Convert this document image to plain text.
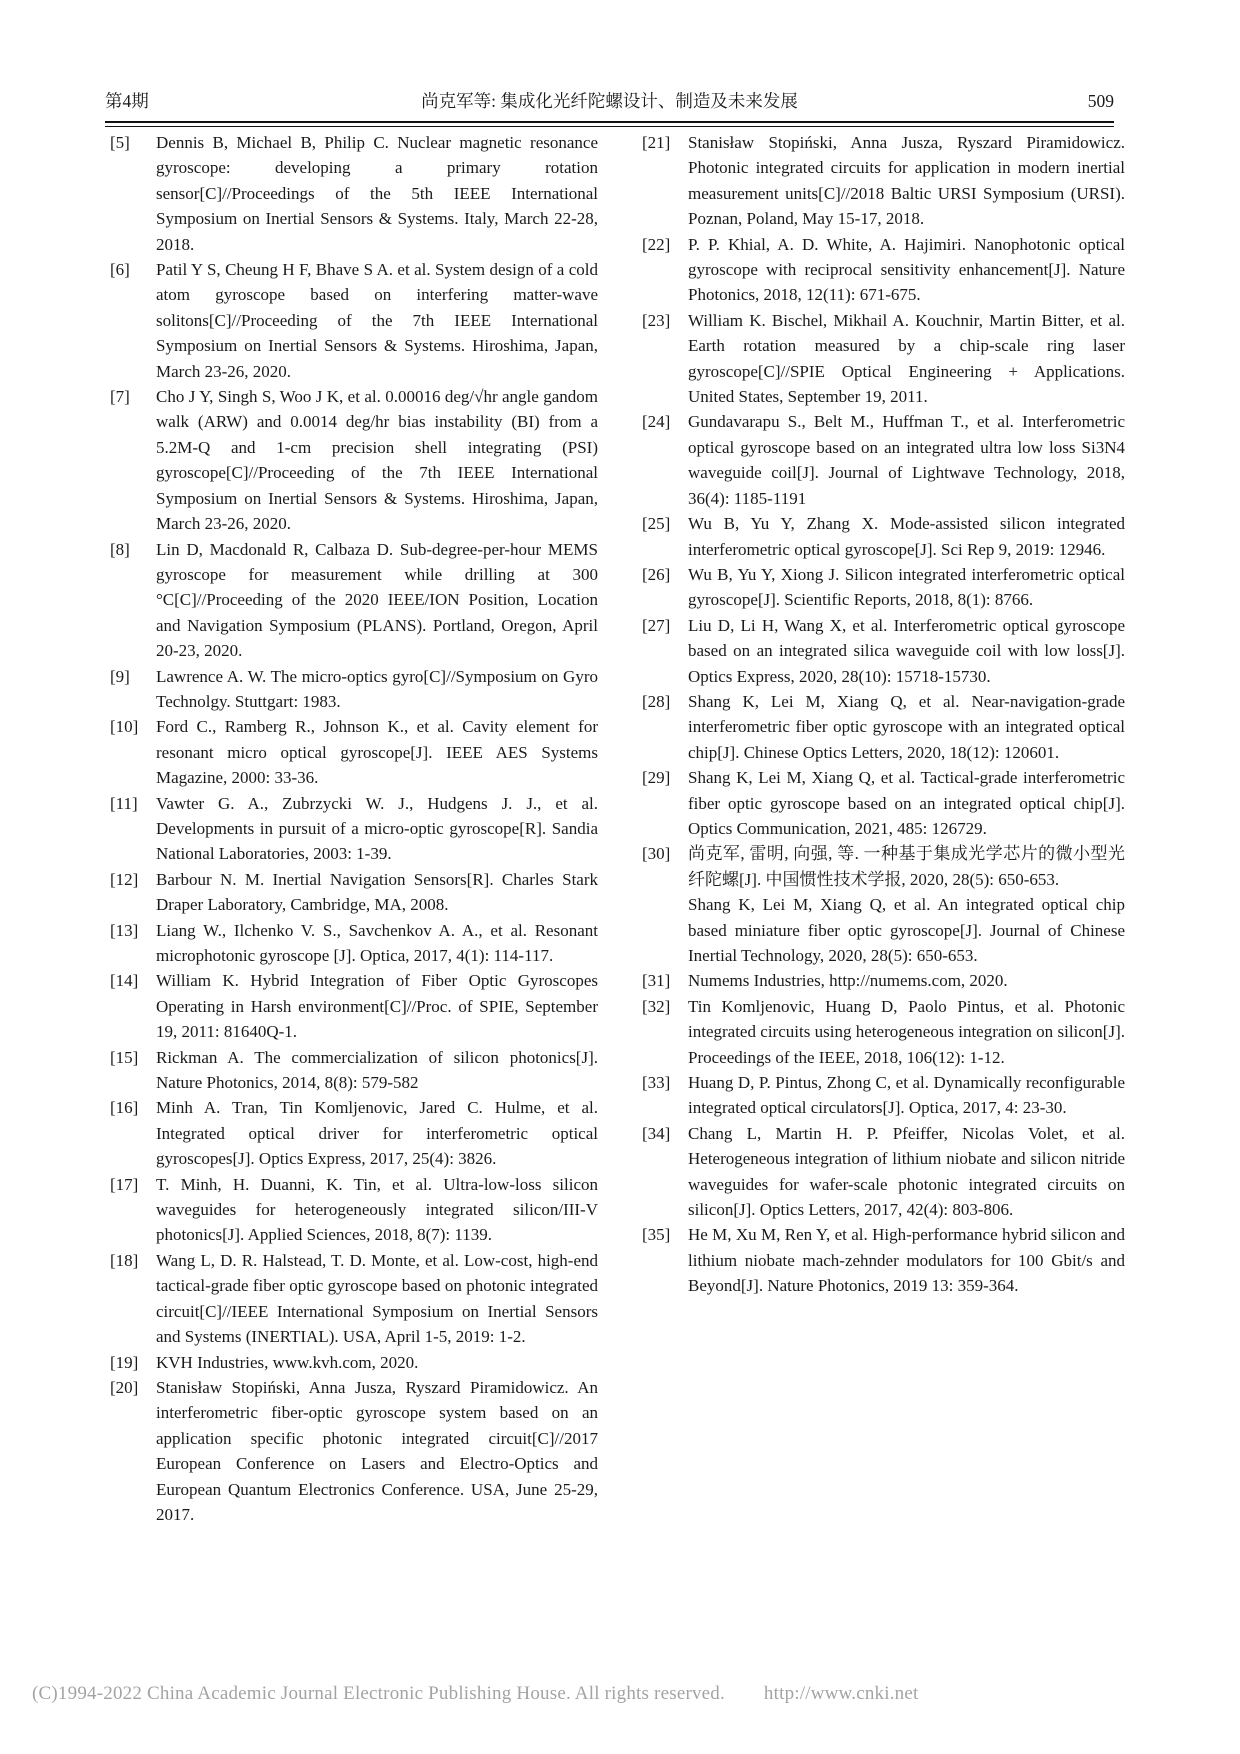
第4期	尚克军等: 集成化光纤陀螺设计、制造及未来发展	509
[5] Dennis B, Michael B, Philip C. Nuclear magnetic resonance gyroscope: developing a primary rotation sensor[C]//Proceedings of the 5th IEEE International Symposium on Inertial Sensors & Systems. Italy, March 22-28, 2018.
[6] Patil Y S, Cheung H F, Bhave S A. et al. System design of a cold atom gyroscope based on interfering matter-wave solitons[C]//Proceeding of the 7th IEEE International Symposium on Inertial Sensors & Systems. Hiroshima, Japan, March 23-26, 2020.
[7] Cho J Y, Singh S, Woo J K, et al. 0.00016 deg/√hr angle gandom walk (ARW) and 0.0014 deg/hr bias instability (BI) from a 5.2M-Q and 1-cm precision shell integrating (PSI) gyroscope[C]//Proceeding of the 7th IEEE International Symposium on Inertial Sensors & Systems. Hiroshima, Japan, March 23-26, 2020.
[8] Lin D, Macdonald R, Calbaza D. Sub-degree-per-hour MEMS gyroscope for measurement while drilling at 300 °C[C]//Proceeding of the 2020 IEEE/ION Position, Location and Navigation Symposium (PLANS). Portland, Oregon, April 20-23, 2020.
[9] Lawrence A. W. The micro-optics gyro[C]//Symposium on Gyro Technolgy. Stuttgart: 1983.
[10] Ford C., Ramberg R., Johnson K., et al. Cavity element for resonant micro optical gyroscope[J]. IEEE AES Systems Magazine, 2000: 33-36.
[11] Vawter G. A., Zubrzycki W. J., Hudgens J. J., et al. Developments in pursuit of a micro-optic gyroscope[R]. Sandia National Laboratories, 2003: 1-39.
[12] Barbour N. M. Inertial Navigation Sensors[R]. Charles Stark Draper Laboratory, Cambridge, MA, 2008.
[13] Liang W., Ilchenko V. S., Savchenkov A. A., et al. Resonant microphotonic gyroscope [J]. Optica, 2017, 4(1): 114-117.
[14] William K. Hybrid Integration of Fiber Optic Gyroscopes Operating in Harsh environment[C]//Proc. of SPIE, September 19, 2011: 81640Q-1.
[15] Rickman A. The commercialization of silicon photonics[J]. Nature Photonics, 2014, 8(8): 579-582
[16] Minh A. Tran, Tin Komljenovic, Jared C. Hulme, et al. Integrated optical driver for interferometric optical gyroscopes[J]. Optics Express, 2017, 25(4): 3826.
[17] T. Minh, H. Duanni, K. Tin, et al. Ultra-low-loss silicon waveguides for heterogeneously integrated silicon/III-V photonics[J]. Applied Sciences, 2018, 8(7): 1139.
[18] Wang L, D. R. Halstead, T. D. Monte, et al. Low-cost, high-end tactical-grade fiber optic gyroscope based on photonic integrated circuit[C]//IEEE International Symposium on Inertial Sensors and Systems (INERTIAL). USA, April 1-5, 2019: 1-2.
[19] KVH Industries, www.kvh.com, 2020.
[20] Stanisław Stopiński, Anna Jusza, Ryszard Piramidowicz. An interferometric fiber-optic gyroscope system based on an application specific photonic integrated circuit[C]//2017 European Conference on Lasers and Electro-Optics and European Quantum Electronics Conference. USA, June 25-29, 2017.
[21] Stanisław Stopiński, Anna Jusza, Ryszard Piramidowicz. Photonic integrated circuits for application in modern inertial measurement units[C]//2018 Baltic URSI Symposium (URSI). Poznan, Poland, May 15-17, 2018.
[22] P. P. Khial, A. D. White, A. Hajimiri. Nanophotonic optical gyroscope with reciprocal sensitivity enhancement[J]. Nature Photonics, 2018, 12(11): 671-675.
[23] William K. Bischel, Mikhail A. Kouchnir, Martin Bitter, et al. Earth rotation measured by a chip-scale ring laser gyroscope[C]//SPIE Optical Engineering + Applications. United States, September 19, 2011.
[24] Gundavarapu S., Belt M., Huffman T., et al. Interferometric optical gyroscope based on an integrated ultra low loss Si3N4 waveguide coil[J]. Journal of Lightwave Technology, 2018, 36(4): 1185-1191
[25] Wu B, Yu Y, Zhang X. Mode-assisted silicon integrated interferometric optical gyroscope[J]. Sci Rep 9, 2019: 12946.
[26] Wu B, Yu Y, Xiong J. Silicon integrated interferometric optical gyroscope[J]. Scientific Reports, 2018, 8(1): 8766.
[27] Liu D, Li H, Wang X, et al. Interferometric optical gyroscope based on an integrated silica waveguide coil with low loss[J]. Optics Express, 2020, 28(10): 15718-15730.
[28] Shang K, Lei M, Xiang Q, et al. Near-navigation-grade interferometric fiber optic gyroscope with an integrated optical chip[J]. Chinese Optics Letters, 2020, 18(12): 120601.
[29] Shang K, Lei M, Xiang Q, et al. Tactical-grade interferometric fiber optic gyroscope based on an integrated optical chip[J]. Optics Communication, 2021, 485: 126729.
[30] 尚克军, 雷明, 向强, 等. 一种基于集成光学芯片的微小型光纤陀螺[J]. 中国惯性技术学报, 2020, 28(5): 650-653.
Shang K, Lei M, Xiang Q, et al. An integrated optical chip based miniature fiber optic gyroscope[J]. Journal of Chinese Inertial Technology, 2020, 28(5): 650-653.
[31] Numems Industries, http://numems.com, 2020.
[32] Tin Komljenovic, Huang D, Paolo Pintus, et al. Photonic integrated circuits using heterogeneous integration on silicon[J]. Proceedings of the IEEE, 2018, 106(12): 1-12.
[33] Huang D, P. Pintus, Zhong C, et al. Dynamically reconfigurable integrated optical circulators[J]. Optica, 2017, 4: 23-30.
[34] Chang L, Martin H. P. Pfeiffer, Nicolas Volet, et al. Heterogeneous integration of lithium niobate and silicon nitride waveguides for wafer-scale photonic integrated circuits on silicon[J]. Optics Letters, 2017, 42(4): 803-806.
[35] He M, Xu M, Ren Y, et al. High-performance hybrid silicon and lithium niobate mach-zehnder modulators for 100 Gbit/s and Beyond[J]. Nature Photonics, 2019 13: 359-364.
(C)1994-2022 China Academic Journal Electronic Publishing House. All rights reserved. http://www.cnki.net
